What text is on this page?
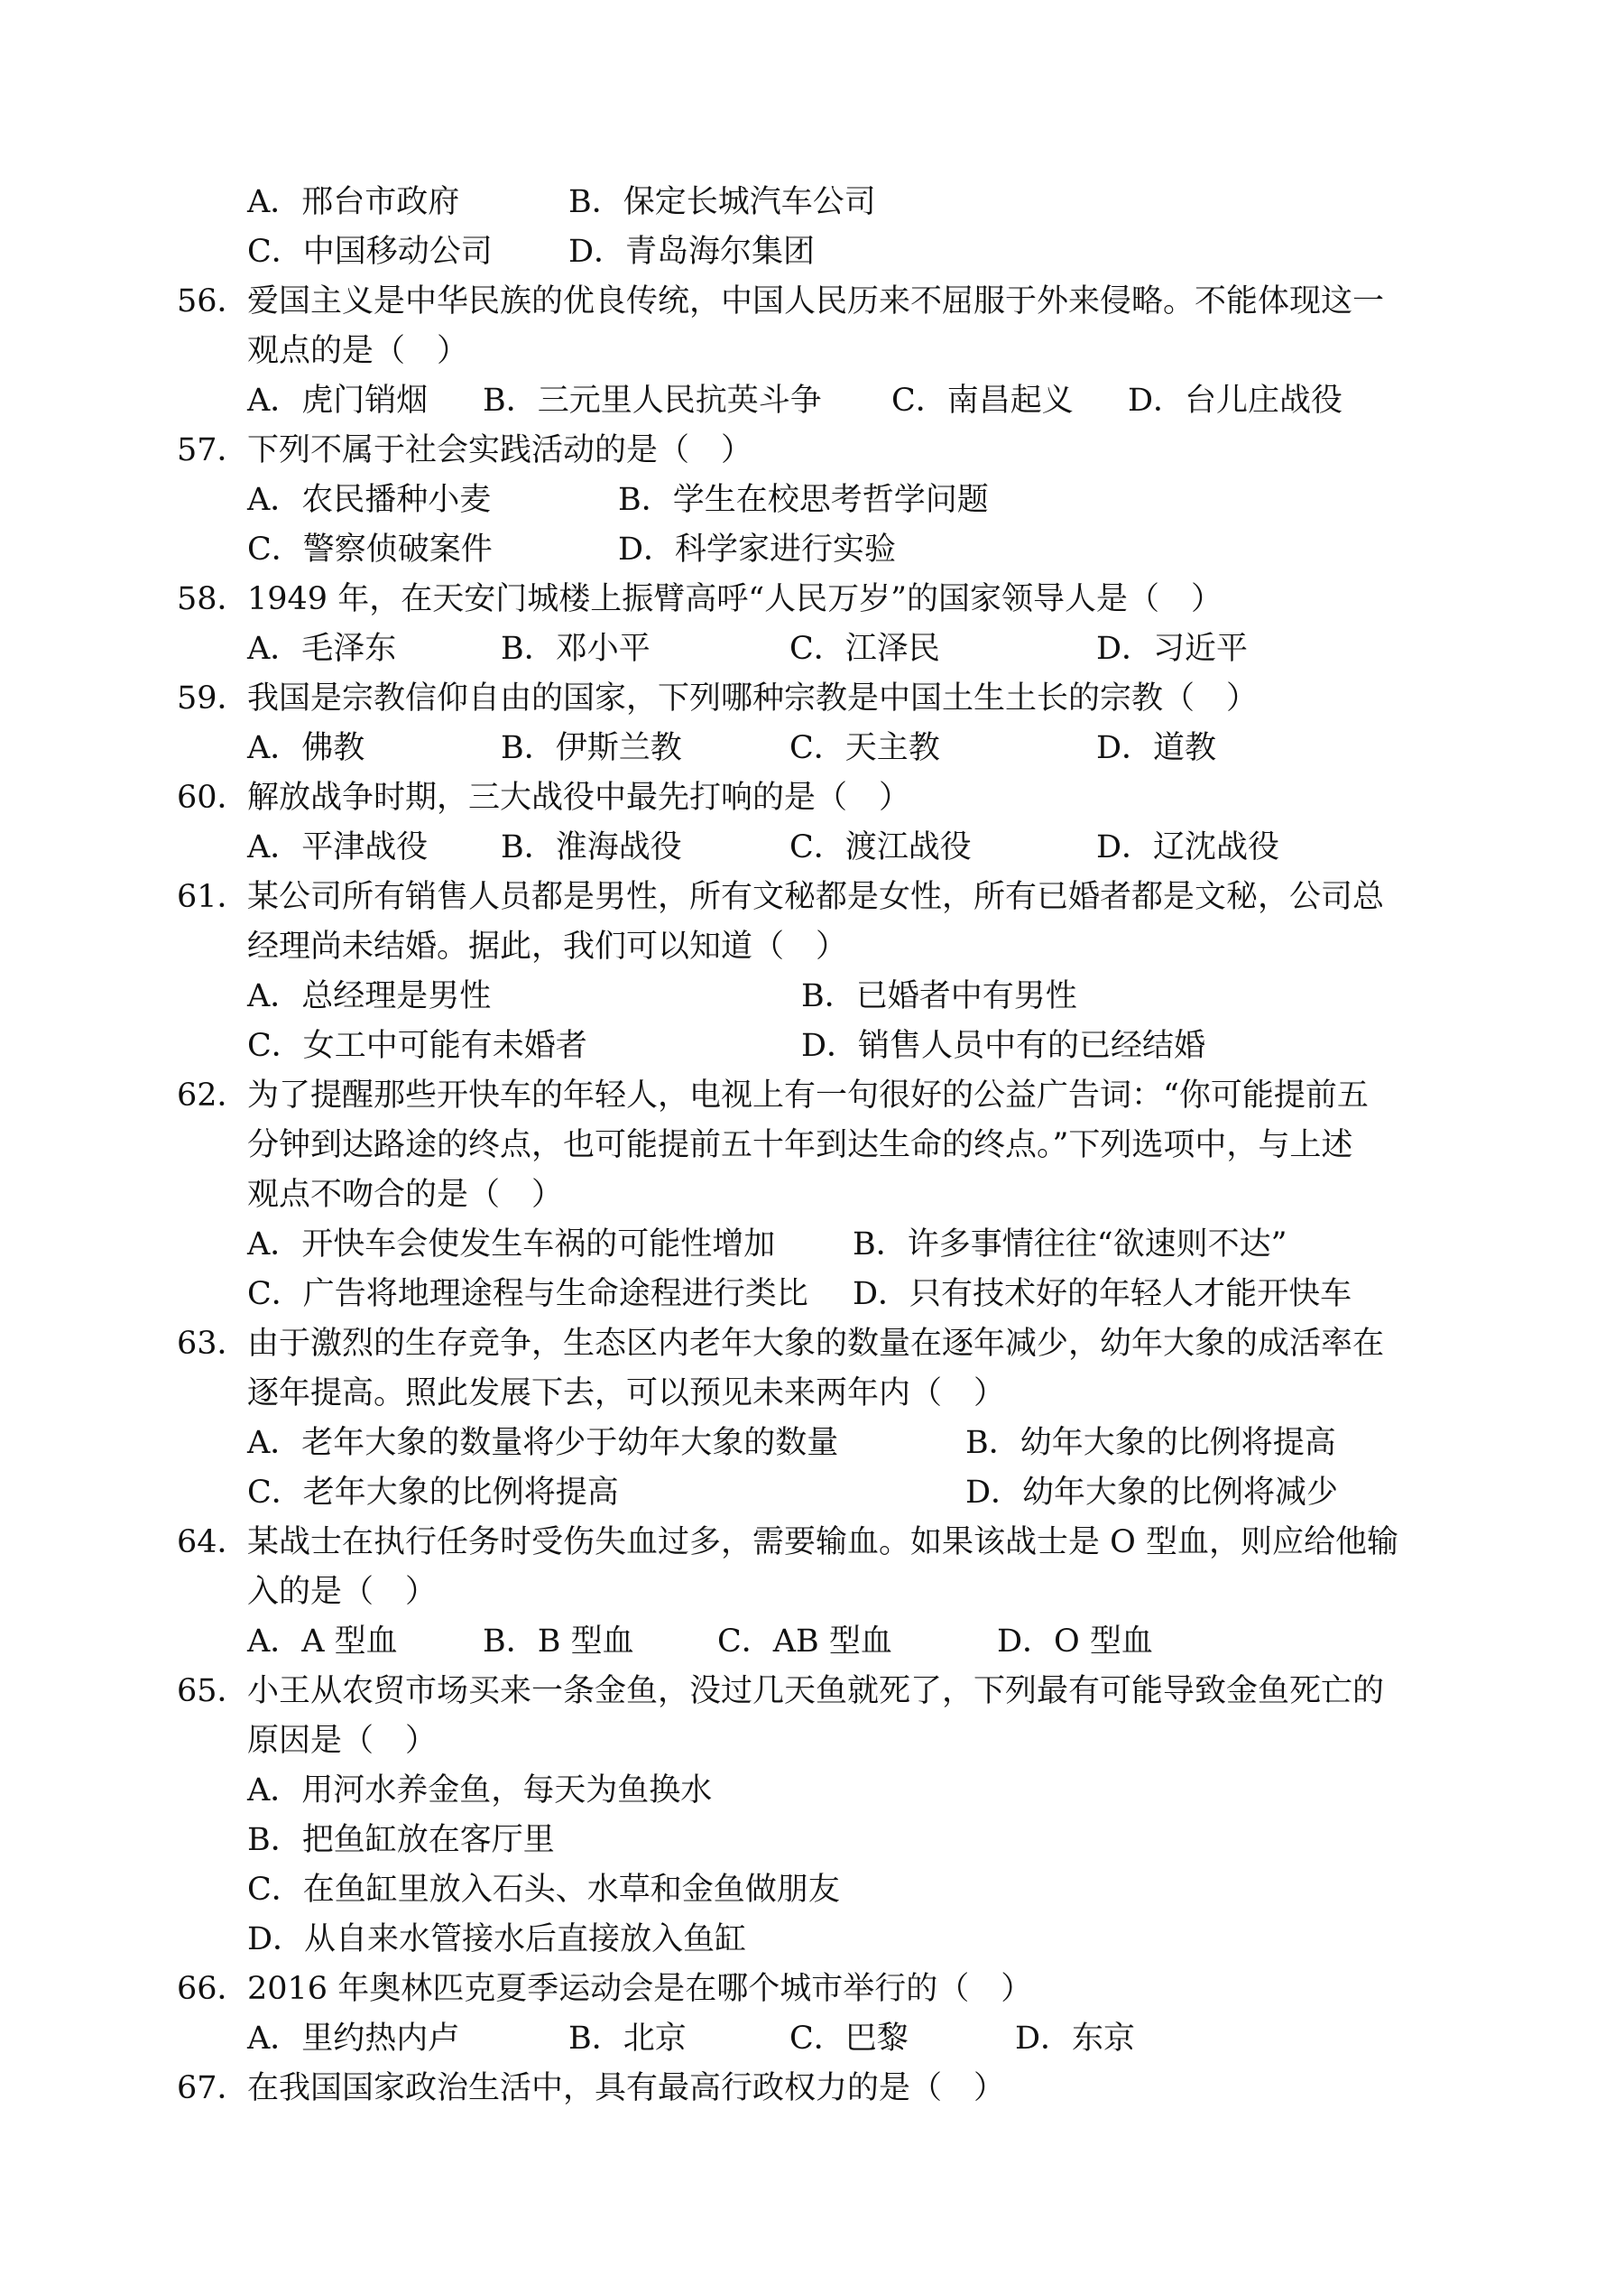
A．邢台市政府	B．保定长城汽车公司
C．中国移动公司 D．青岛海尔集团
56．
爱国主义是中华民族的优良传统，中国人民历来不屈服于外来侵略。不能体现这一
观点的是（　）
A．虎门销烟 B．三元里人民抗英斗争 C．南昌起义 D．台儿庄战役
57．
下列不属于社会实践活动的是（　）
A．农民播种小麦	B．学生在校思考哲学问题
C．警察侦破案件	D．科学家进行实验
58．
1949 年，在天安门城楼上振臂高呼“人民万岁”的国家领导人是（　）
A．毛泽东	B．邓小平	C．江泽民	D．习近平
59．
我国是宗教信仰自由的国家，下列哪种宗教是中国土生土长的宗教（　）
A．佛教	B．伊斯兰教	C．天主教	D．道教
60．
解放战争时期，三大战役中最先打响的是（　）
A．平津战役 B．淮海战役	C．渡江战役	D．辽沈战役
61．
某公司所有销售人员都是男性，所有文秘都是女性，所有已婚者都是文秘，公司总
经理尚未结婚。据此，我们可以知道（　）
A．总经理是男性	B．已婚者中有男性
C．女工中可能有未婚者	D．销售人员中有的已经结婚
62．
为了提醒那些开快车的年轻人，电视上有一句很好的公益广告词：“你可能提前五
分钟到达路途的终点，也可能提前五十年到达生命的终点。”下列选项中，与上述
观点不吻合的是（　）
A．开快车会使发生车祸的可能性增加 B．许多事情往往“欲速则不达”
C．广告将地理途程与生命途程进行类比 D．只有技术好的年轻人才能开快车
63．
由于激烈的生存竞争，生态区内老年大象的数量在逐年减少，幼年大象的成活率在
逐年提高。照此发展下去，可以预见未来两年内（　）
A．老年大象的数量将少于幼年大象的数量	B．幼年大象的比例将提高
C．老年大象的比例将提高	D．幼年大象的比例将减少
64．
某战士在执行任务时受伤失血过多，需要输血。如果该战士是 O 型血，则应给他输
入的是（　）
A．A 型血	B．B 型血	C．AB 型血	D．O 型血
65．
小王从农贸市场买来一条金鱼，没过几天鱼就死了，下列最有可能导致金鱼死亡的
原因是（　）
A．用河水养金鱼，每天为鱼换水
B．把鱼缸放在客厅里
C．在鱼缸里放入石头、水草和金鱼做朋友
D．从自来水管接水后直接放入鱼缸
66．
2016 年奥林匹克夏季运动会是在哪个城市举行的（　）
A．里约热内卢	B．北京	C．巴黎	D．东京
67．
在我国国家政治生活中，具有最高行政权力的是（　）
